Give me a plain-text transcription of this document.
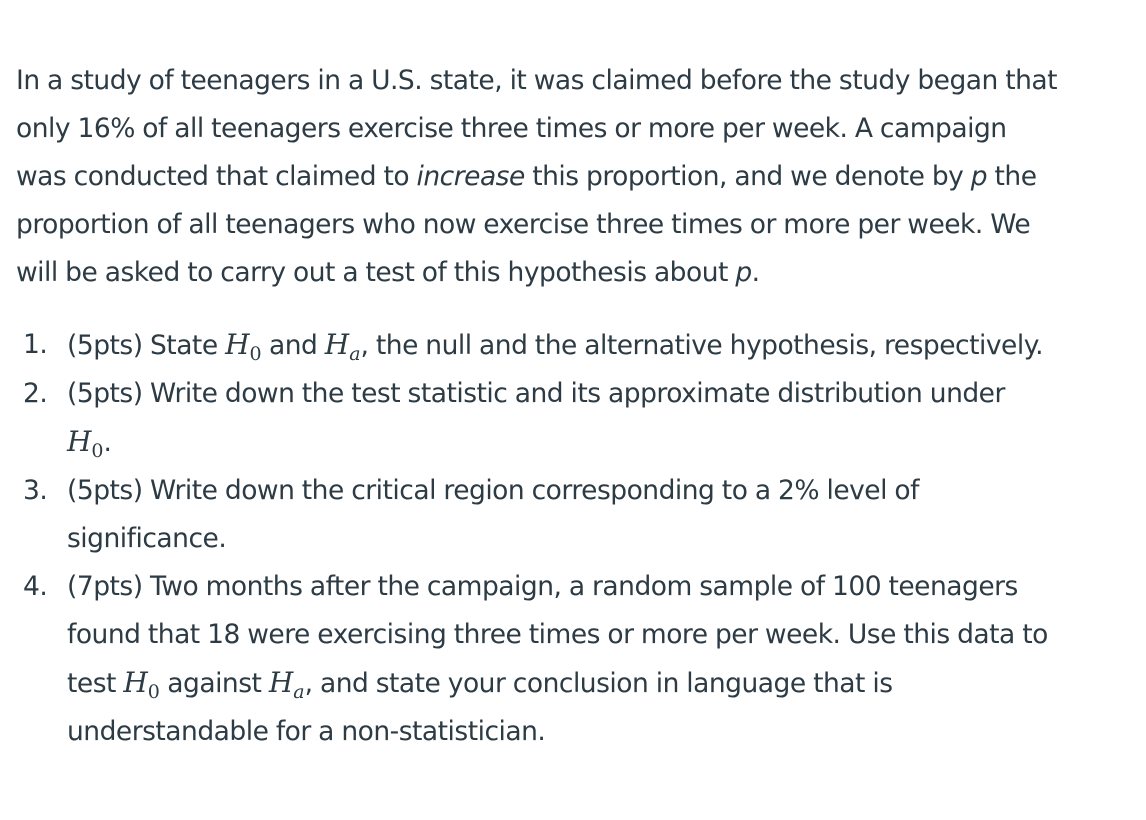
In a study of teenagers in a U.S. state, it was claimed before the study began that
only 16% of all teenagers exercise three times or more per week. A campaign
was conducted that claimed to increase this proportion, and we denote by p the
proportion of all teenagers who now exercise three times or more per week. We
will be asked to carry out a test of this hypothesis about p.

1. (5pts) State $H_0$ and $H_a$, the null and the alternative hypothesis, respectively.
2. (5pts) Write down the test statistic and its approximate distribution under
$H_0$.
3. (5pts) Write down the critical region corresponding to a 2% level of
significance.
4. (7pts) Two months after the campaign, a random sample of 100 teenagers
found that 18 were exercising three times or more per week. Use this data to
test $H_0$ against $H_a$, and state your conclusion in language that is
understandable for a non-statistician.
